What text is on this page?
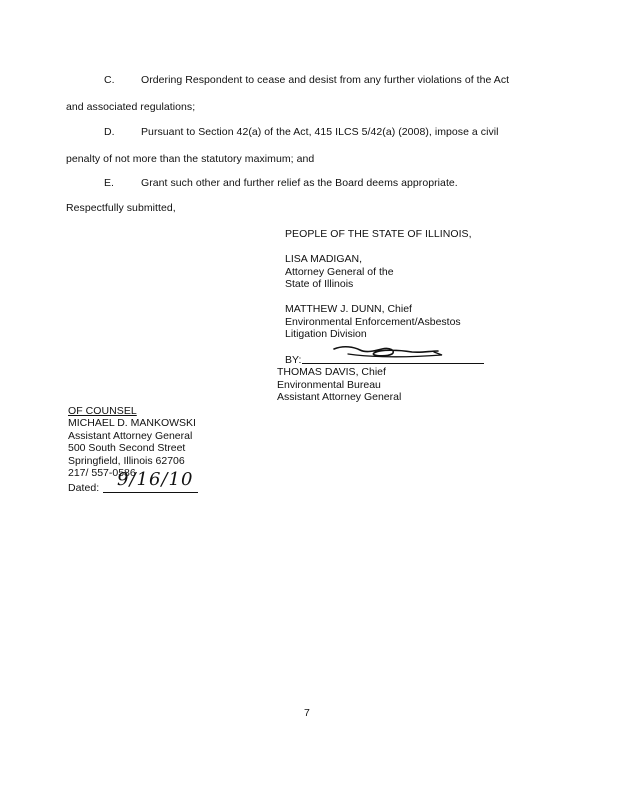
C.	Ordering Respondent to cease and desist from any further violations of the Act
and associated regulations;
D.	Pursuant to Section 42(a) of the Act, 415 ILCS 5/42(a) (2008), impose a civil
penalty of not more than the statutory maximum; and
E.	Grant such other and further relief as the Board deems appropriate.
Respectfully submitted,
PEOPLE OF THE STATE OF ILLINOIS,
LISA MADIGAN,
Attorney General of the
State of Illinois
MATTHEW J. DUNN, Chief
Environmental Enforcement/Asbestos
Litigation Division
BY:
THOMAS DAVIS, Chief
Environmental Bureau
Assistant Attorney General
OF COUNSEL
MICHAEL D. MANKOWSKI
Assistant Attorney General
500 South Second Street
Springfield, Illinois 62706
217/ 557-0586
Dated: 9/16/10
7
